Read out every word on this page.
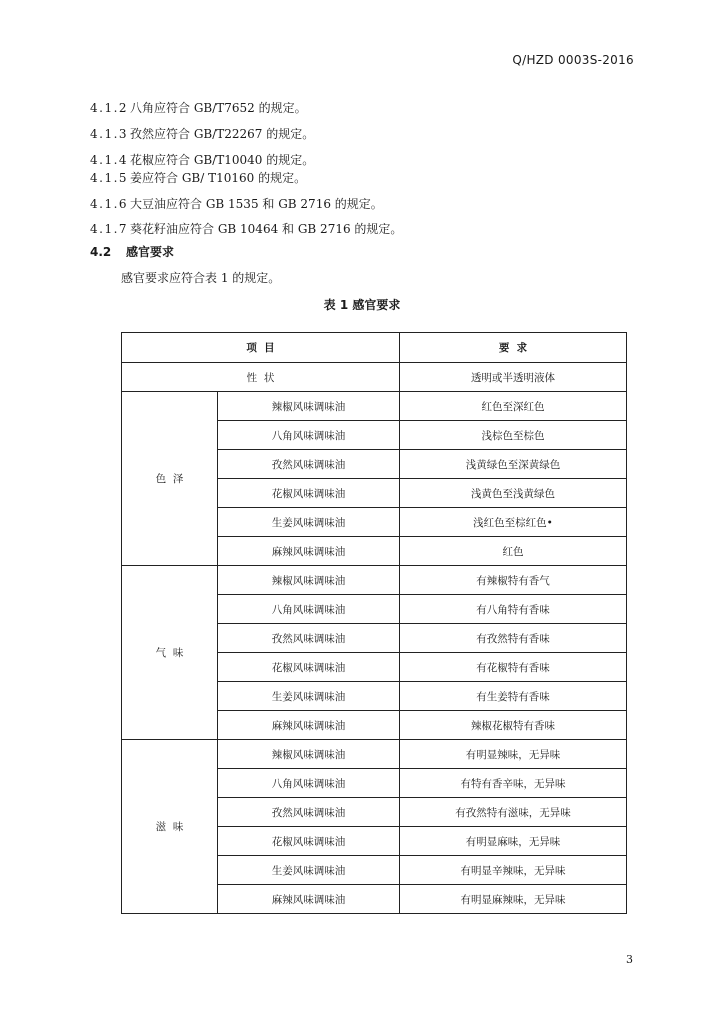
Q/HZD 0003S-2016
4.1.2 八角应符合 GB/T7652 的规定。
4.1.3 孜然应符合 GB/T22267 的规定。
4.1.4 花椒应符合 GB/T10040 的规定。
4.1.5 姜应符合 GB/ T10160 的规定。
4.1.6 大豆油应符合 GB 1535 和 GB 2716 的规定。
4.1.7 葵花籽油应符合 GB 10464 和 GB 2716 的规定。
4.2 感官要求
感官要求应符合表 1 的规定。
表 1 感官要求
项  目		要  求
性  状		透明或半透明液体
色  泽	辣椒风味调味油	红色至深红色
	八角风味调味油	浅棕色至棕色
	孜然风味调味油	浅黄绿色至深黄绿色
	花椒风味调味油	浅黄色至浅黄绿色
	生姜风味调味油	浅红色至棕红色•
	麻辣风味调味油	红色
气  味	辣椒风味调味油	有辣椒特有香气
	八角风味调味油	有八角特有香味
	孜然风味调味油	有孜然特有香味
	花椒风味调味油	有花椒特有香味
	生姜风味调味油	有生姜特有香味
	麻辣风味调味油	辣椒花椒特有香味
滋  味	辣椒风味调味油	有明显辣味，无异味
	八角风味调味油	有特有香辛味，无异味
	孜然风味调味油	有孜然特有滋味，无异味
	花椒风味调味油	有明显麻味，无异味
	生姜风味调味油	有明显辛辣味，无异味
	麻辣风味调味油	有明显麻辣味，无异味
3
